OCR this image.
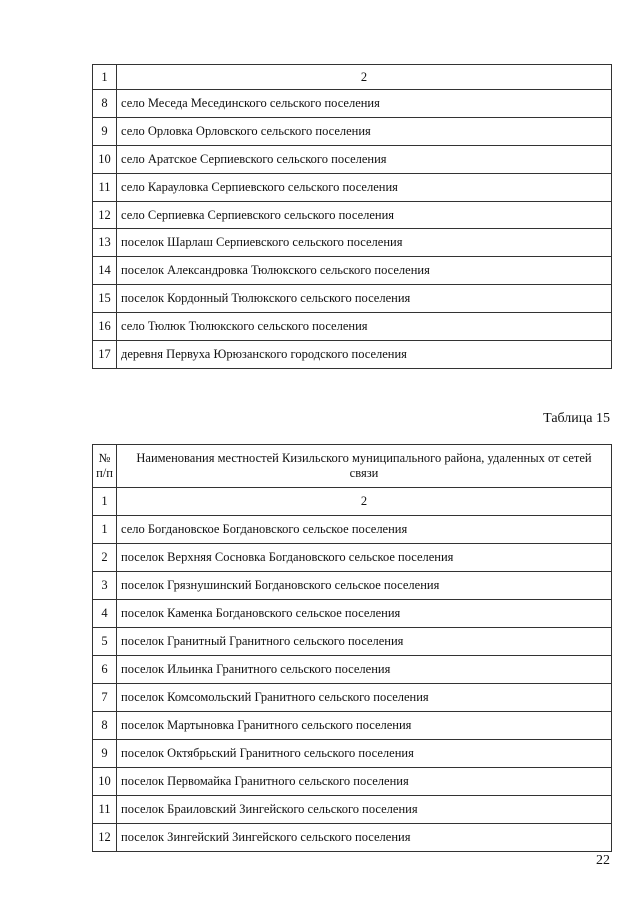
1	2
8	село Меседа Месединского сельского поселения
9	село Орловка Орловского сельского поселения
10	село Аратское Серпиевского сельского поселения
11	село Карауловка Серпиевского сельского поселения
12	село Серпиевка Серпиевского сельского поселения
13	поселок Шарлаш Серпиевского сельского поселения
14	поселок Александровка Тюлюкского сельского поселения
15	поселок Кордонный Тюлюкского сельского поселения
16	село Тюлюк Тюлюкского сельского поселения
17	деревня Первуха Юрюзанского городского поселения
Таблица 15
№ п/п	Наименования местностей Кизильского муниципального района, удаленных от сетей связи
1	2
1	село Богдановское Богдановского сельское поселения
2	поселок Верхняя Сосновка Богдановского сельское поселения
3	поселок Грязнушинский Богдановского сельское поселения
4	поселок Каменка Богдановского сельское поселения
5	поселок Гранитный Гранитного сельского поселения
6	поселок Ильинка Гранитного сельского поселения
7	поселок Комсомольский Гранитного сельского поселения
8	поселок Мартыновка Гранитного сельского поселения
9	поселок Октябрьский Гранитного сельского поселения
10	поселок Первомайка Гранитного сельского поселения
11	поселок Браиловский Зингейского сельского поселения
12	поселок Зингейский Зингейского сельского поселения
22
